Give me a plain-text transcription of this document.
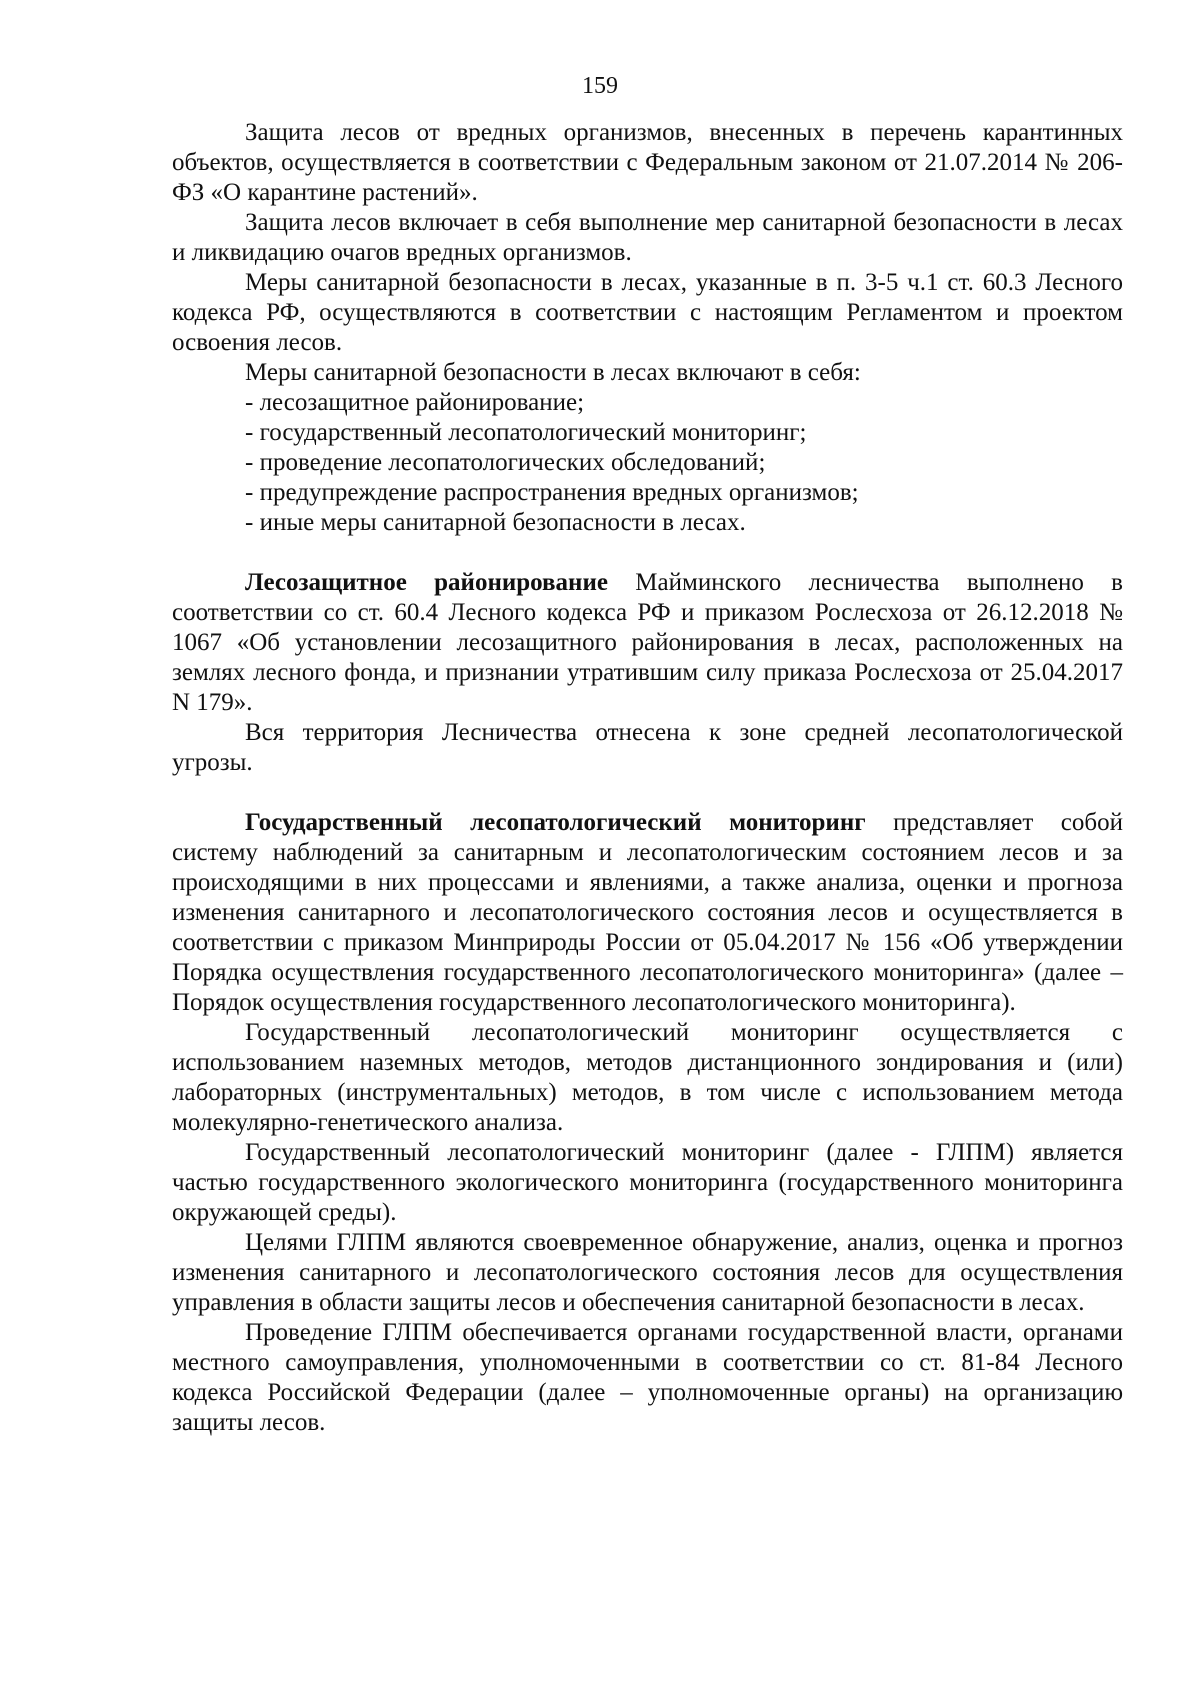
159

Защита лесов от вредных организмов, внесенных в перечень карантинных объектов, осуществляется в соответствии с Федеральным законом от 21.07.2014 № 206-ФЗ «О карантине растений».

Защита лесов включает в себя выполнение мер санитарной безопасности в лесах и ликвидацию очагов вредных организмов.

Меры санитарной безопасности в лесах, указанные в п. 3-5 ч.1 ст. 60.3 Лесного кодекса РФ, осуществляются в соответствии с настоящим Регламентом и проектом освоения лесов.

Меры санитарной безопасности в лесах включают в себя:

- лесозащитное районирование;

- государственный лесопатологический мониторинг;

- проведение лесопатологических обследований;

- предупреждение распространения вредных организмов;

- иные меры санитарной безопасности в лесах.

Лесозащитное районирование Майминского лесничества выполнено в соответствии со ст. 60.4 Лесного кодекса РФ и приказом Рослесхоза от 26.12.2018 № 1067 «Об установлении лесозащитного районирования в лесах, расположенных на землях лесного фонда, и признании утратившим силу приказа Рослесхоза от 25.04.2017 N 179».

Вся территория Лесничества отнесена к зоне средней лесопатологической угрозы.

Государственный лесопатологический мониторинг представляет собой систему наблюдений за санитарным и лесопатологическим состоянием лесов и за происходящими в них процессами и явлениями, а также анализа, оценки и прогноза изменения санитарного и лесопатологического состояния лесов и осуществляется в соответствии с приказом Минприроды России от 05.04.2017 № 156 «Об утверждении Порядка осуществления государственного лесопатологического мониторинга» (далее – Порядок осуществления государственного лесопатологического мониторинга).

Государственный лесопатологический мониторинг осуществляется с использованием наземных методов, методов дистанционного зондирования и (или) лабораторных (инструментальных) методов, в том числе с использованием метода молекулярно-генетического анализа.

Государственный лесопатологический мониторинг (далее - ГЛПМ) является частью государственного экологического мониторинга (государственного мониторинга окружающей среды).

Целями ГЛПМ являются своевременное обнаружение, анализ, оценка и прогноз изменения санитарного и лесопатологического состояния лесов для осуществления управления в области защиты лесов и обеспечения санитарной безопасности в лесах.

Проведение ГЛПМ обеспечивается органами государственной власти, органами местного самоуправления, уполномоченными в соответствии со ст. 81-84 Лесного кодекса Российской Федерации (далее – уполномоченные органы) на организацию защиты лесов.
